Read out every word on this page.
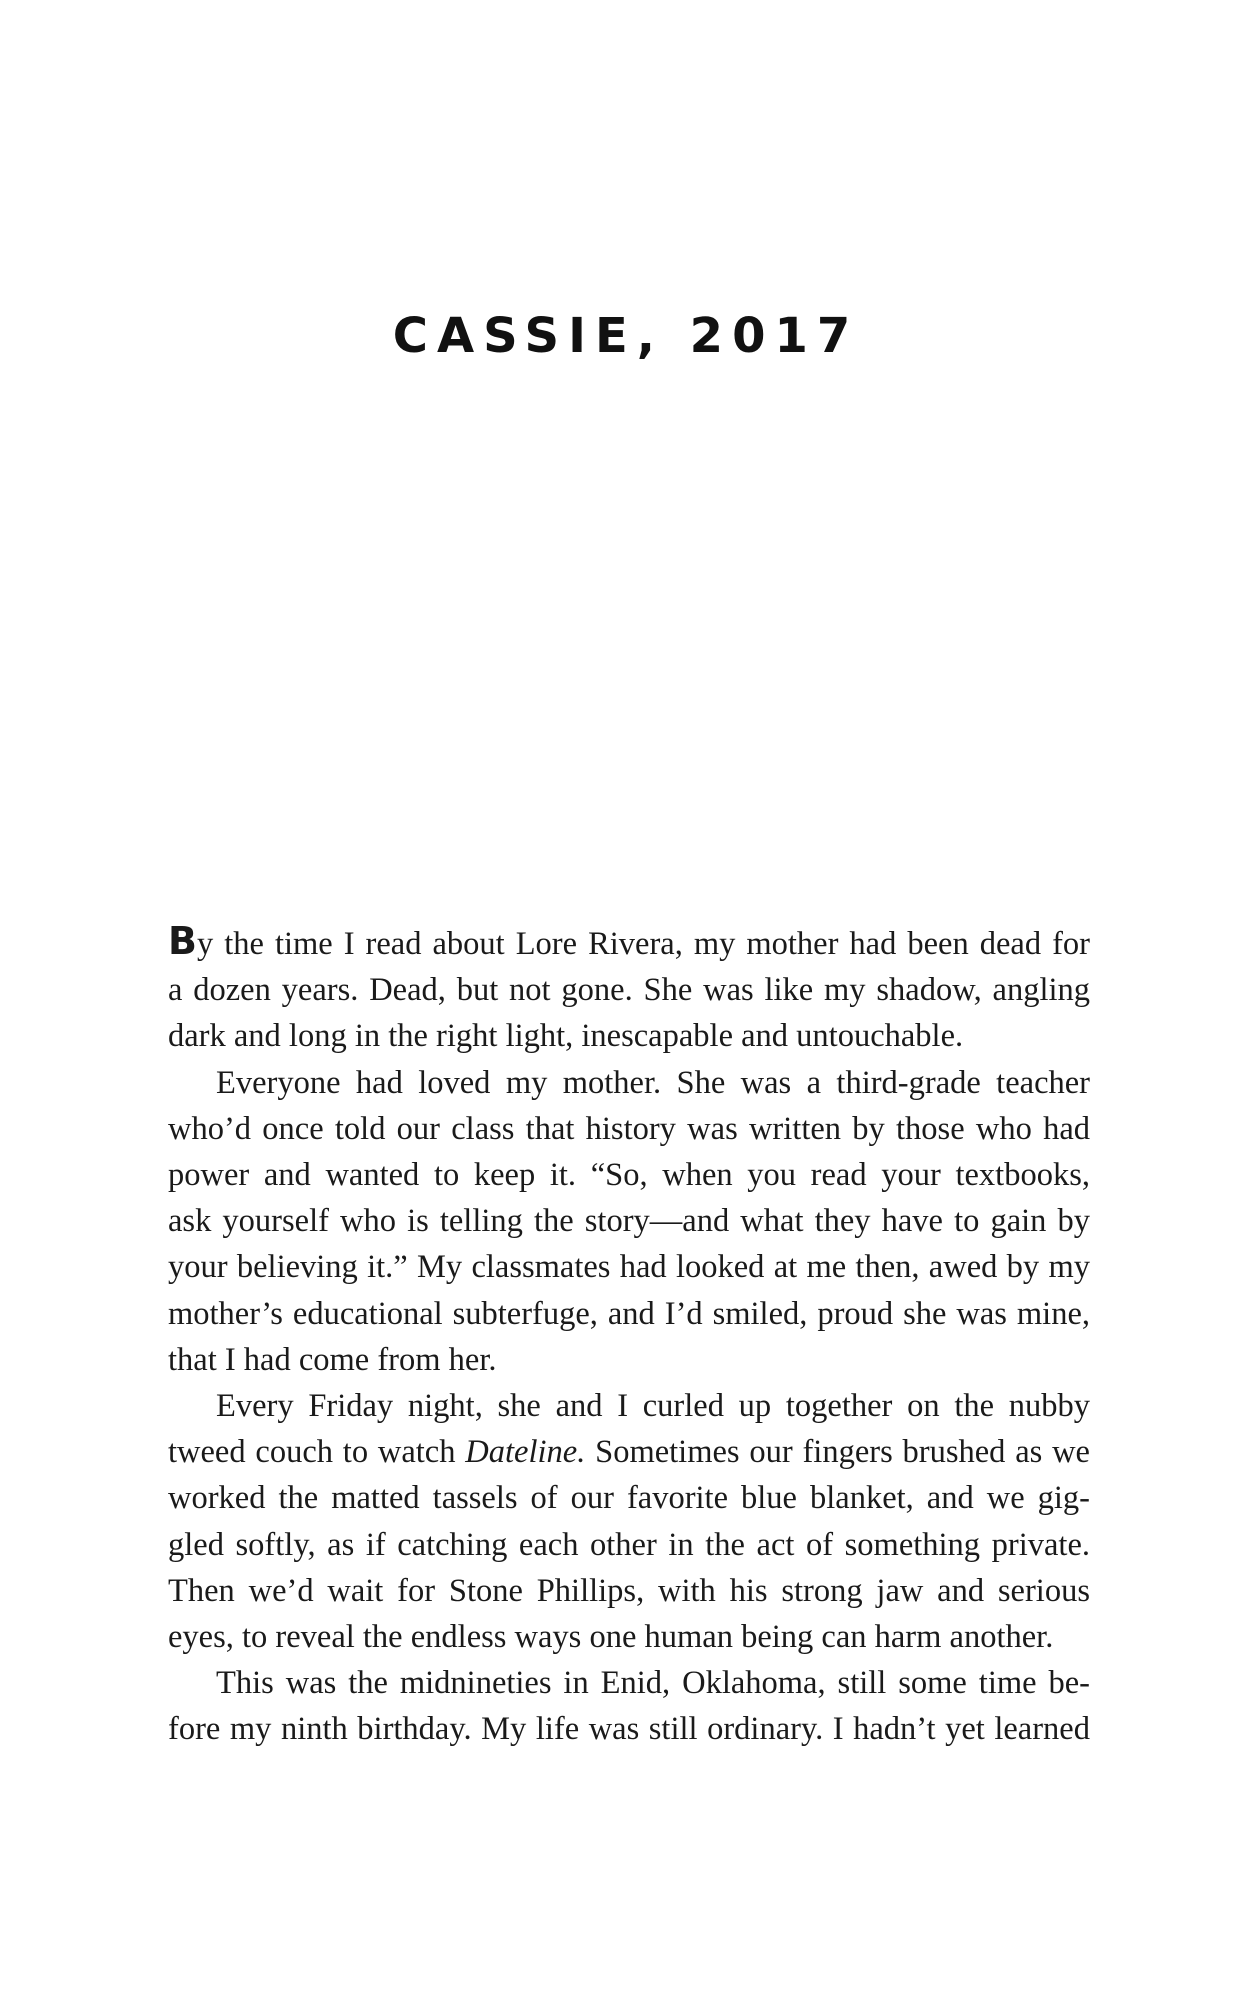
CASSIE, 2017

By the time I read about Lore Rivera, my mother had been dead for
a dozen years. Dead, but not gone. She was like my shadow, angling
dark and long in the right light, inescapable and untouchable.

Everyone had loved my mother. She was a third-grade teacher
who’d once told our class that history was written by those who had
power and wanted to keep it. “So, when you read your textbooks,
ask yourself who is telling the story—and what they have to gain by
your believing it.” My classmates had looked at me then, awed by my
mother’s educational subterfuge, and I’d smiled, proud she was mine,
that I had come from her.

Every Friday night, she and I curled up together on the nubby
tweed couch to watch Dateline. Sometimes our fingers brushed as we
worked the matted tassels of our favorite blue blanket, and we gig-
gled softly, as if catching each other in the act of something private.
Then we’d wait for Stone Phillips, with his strong jaw and serious
eyes, to reveal the endless ways one human being can harm another.

This was the midnineties in Enid, Oklahoma, still some time be-
fore my ninth birthday. My life was still ordinary. I hadn’t yet learned
